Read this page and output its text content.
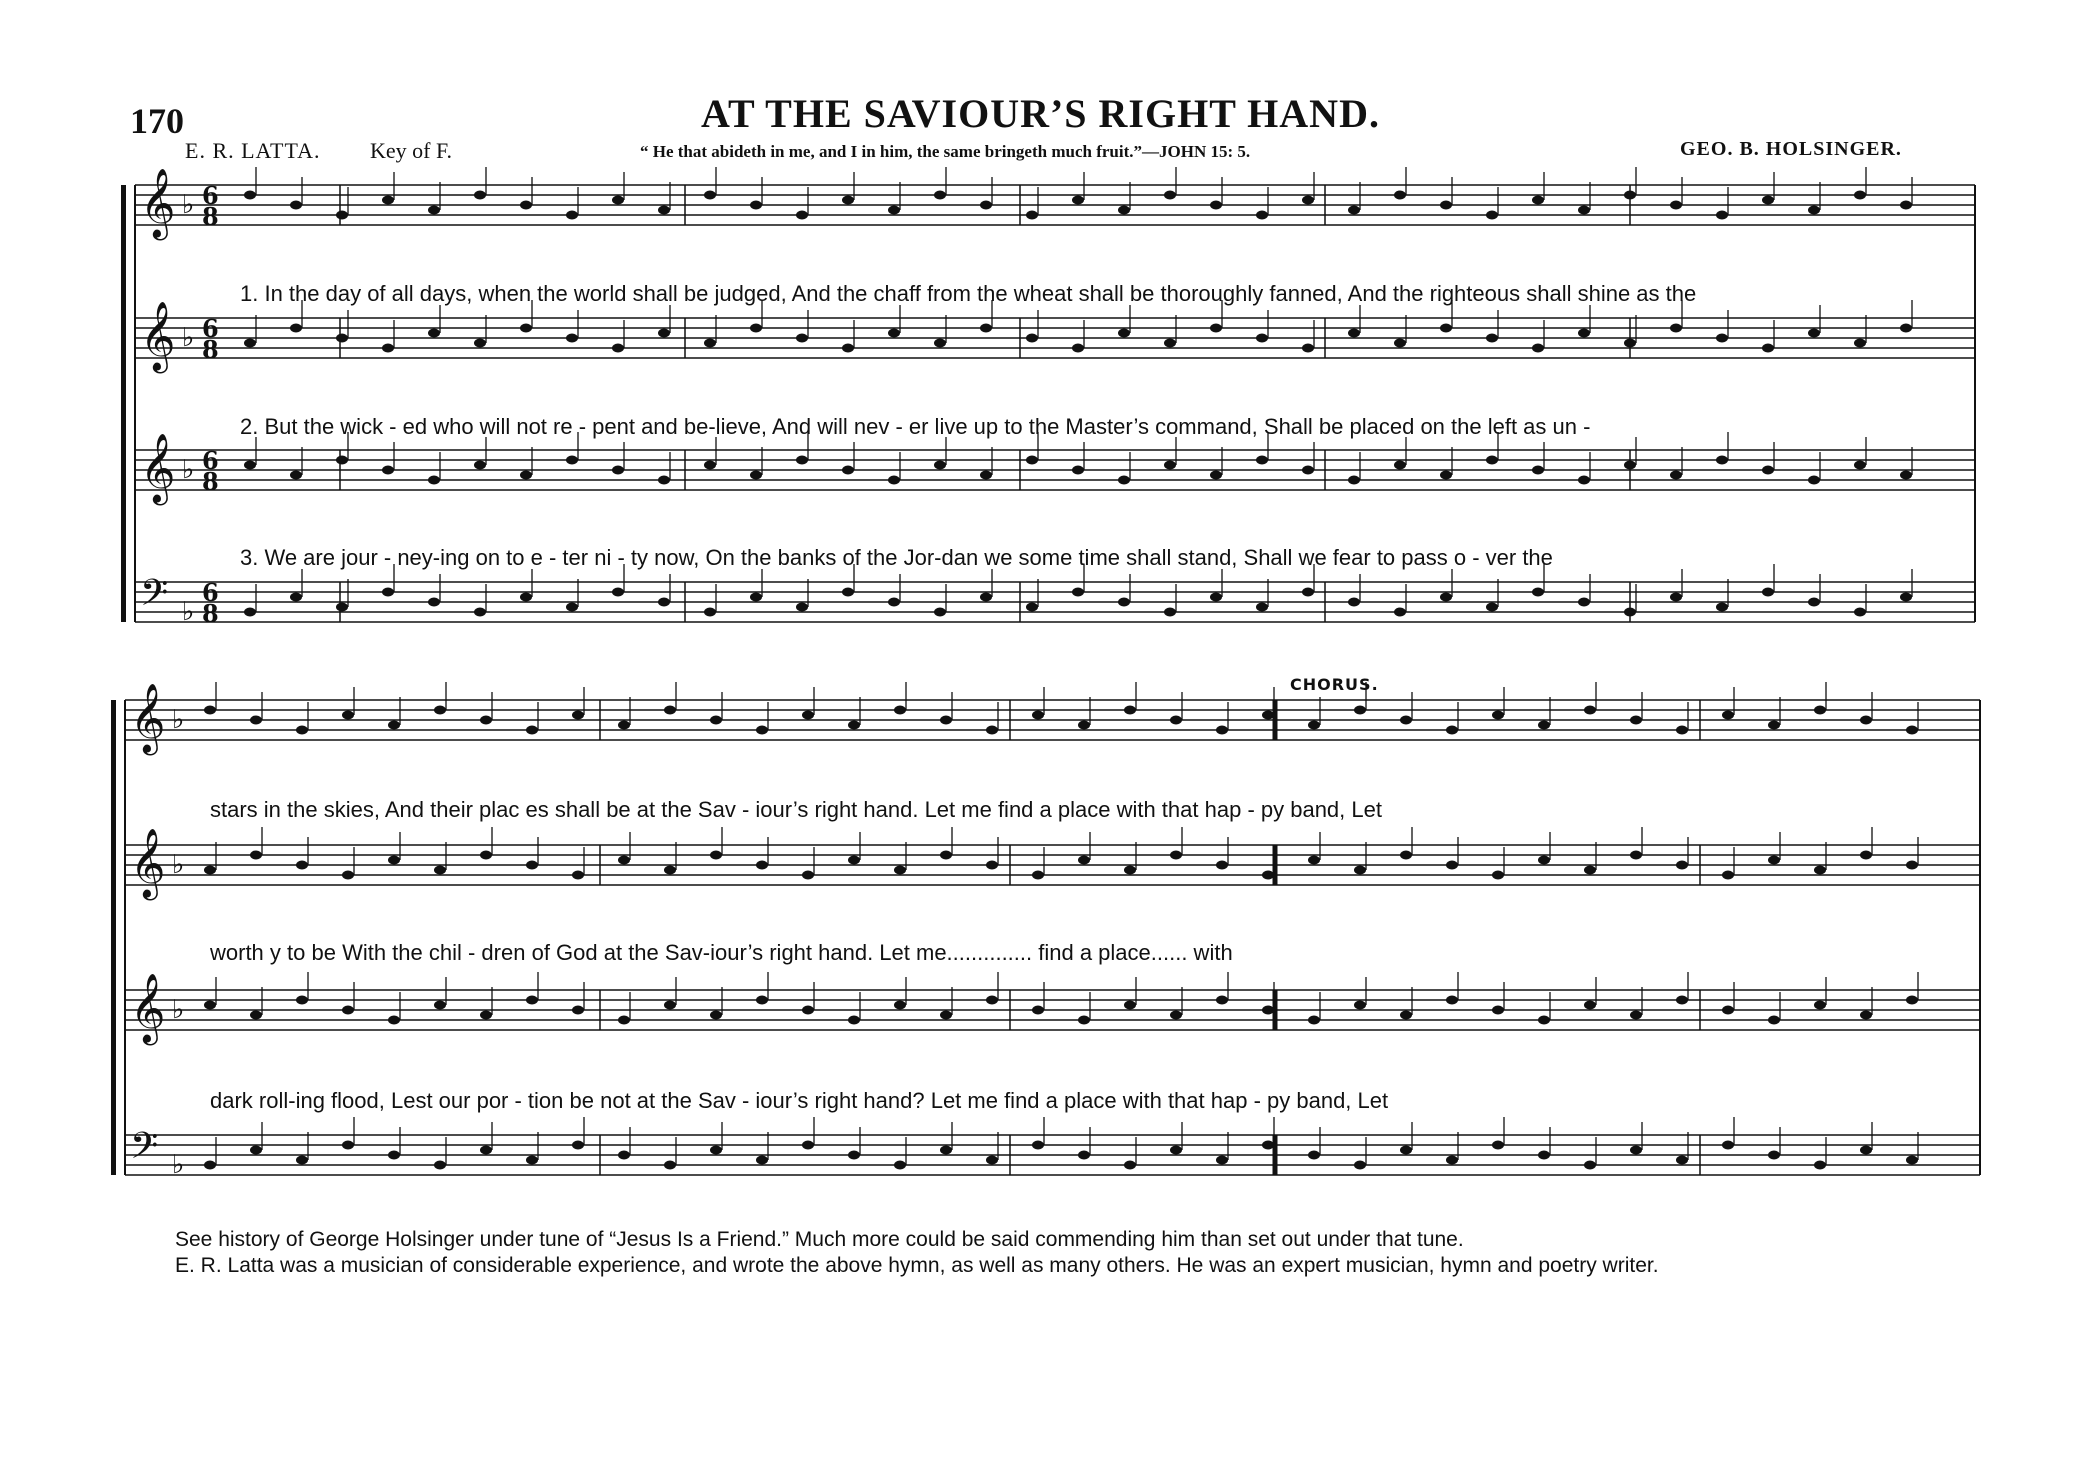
170	AT THE SAVIOUR’S RIGHT HAND.
E. R. LATTA. Key of F.	“ He that abideth in me, and I in him, the same bringeth much fruit.”—JOHN 15: 5.	GEO. B. HOLSINGER.
CHORUS.
𝄞 ♭ 6
8
𝄞 ♭ 6
8
𝄞 ♭ 6
8
𝄢 ♭
6
8
𝄞 ♭
𝄞 ♭
𝄞 ♭
𝄢 ♭
1. In the day of all days, when the world shall be judged, And the chaff from the wheat shall be thoroughly fanned, And the righteous shall shine as the
2. But the wick - ed who will not re - pent and be-lieve, And will nev - er live up to the Master’s command, Shall be placed on the left as un -
3. We are jour - ney-ing on to e - ter ni - ty now, On the banks of the Jor-dan we some time shall stand, Shall we fear to pass o - ver the
stars in the skies, And their plac es shall be at the Sav - iour’s right hand. Let me find a place with that hap - py band, Let
worth y to be With the chil - dren of God at the Sav-iour’s right hand. Let me.............. find a place...... with
dark roll-ing flood, Lest our por - tion be not at the Sav - iour’s right hand? Let me find a place with that hap - py band, Let
See history of George Holsinger under tune of “Jesus Is a Friend.” Much more could be said commending him than set out under that tune.
E. R. Latta was a musician of considerable experience, and wrote the above hymn, as well as many others. He was an expert musician, hymn and poetry writer.
